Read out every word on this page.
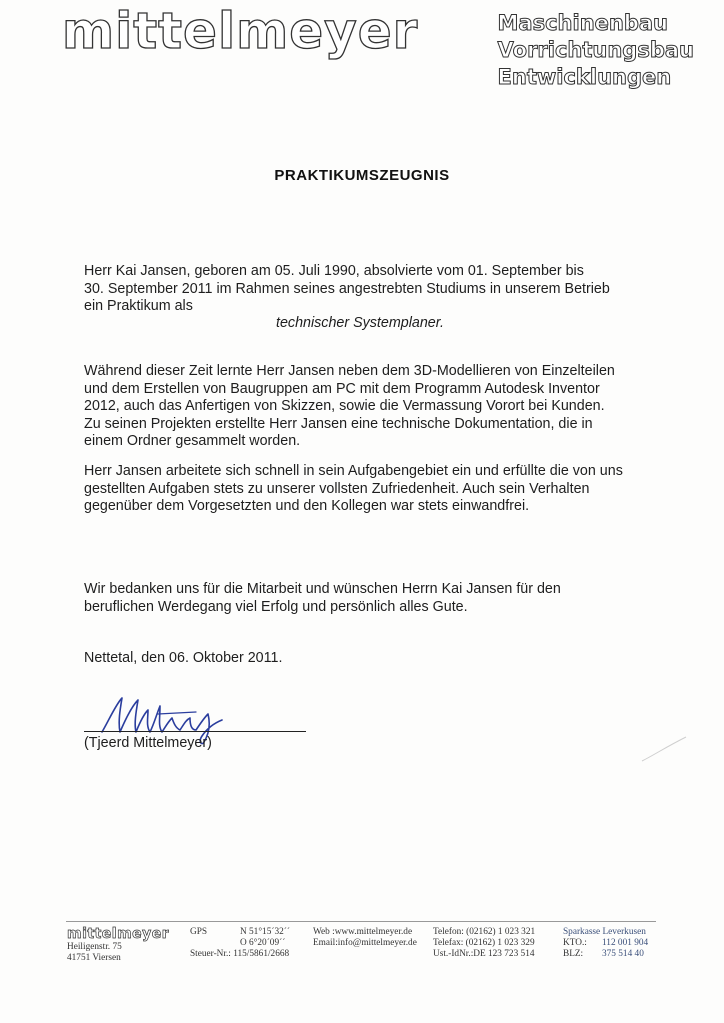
mittelmeyer	Maschinenbau
Vorrichtungsbau
Entwicklungen
PRAKTIKUMSZEUGNIS
Herr Kai Jansen, geboren am 05. Juli 1990, absolvierte vom 01. September bis
30. September 2011 im Rahmen seines angestrebten Studiums in unserem Betrieb
ein Praktikum als
technischer Systemplaner.
Während dieser Zeit lernte Herr Jansen neben dem 3D-Modellieren von Einzelteilen
und dem Erstellen von Baugruppen am PC mit dem Programm Autodesk Inventor
2012, auch das Anfertigen von Skizzen, sowie die Vermassung Vorort bei Kunden.
Zu seinen Projekten erstellte Herr Jansen eine technische Dokumentation, die in
einem Ordner gesammelt worden.
Herr Jansen arbeitete sich schnell in sein Aufgabengebiet ein und erfüllte die von uns
gestellten Aufgaben stets zu unserer vollsten Zufriedenheit. Auch sein Verhalten
gegenüber dem Vorgesetzten und den Kollegen war stets einwandfrei.
Wir bedanken uns für die Mitarbeit und wünschen Herrn Kai Jansen für den
beruflichen Werdegang viel Erfolg und persönlich alles Gute.
Nettetal, den 06. Oktober 2011.
(Tjeerd Mittelmeyer)
mittelmeyer
Heiligenstr. 75
41751 Viersen
GPS	N 51°15´32´´
O 6°20´09´´
Steuer-Nr.: 115/5861/2668
Web :www.mittelmeyer.de
Email:info@mittelmeyer.de
Telefon: (02162) 1 023 321
Telefax: (02162) 1 023 329
Ust.-IdNr.:DE 123 723 514
Sparkasse Leverkusen
KTO.: 112 001 904
BLZ: 375 514 40
